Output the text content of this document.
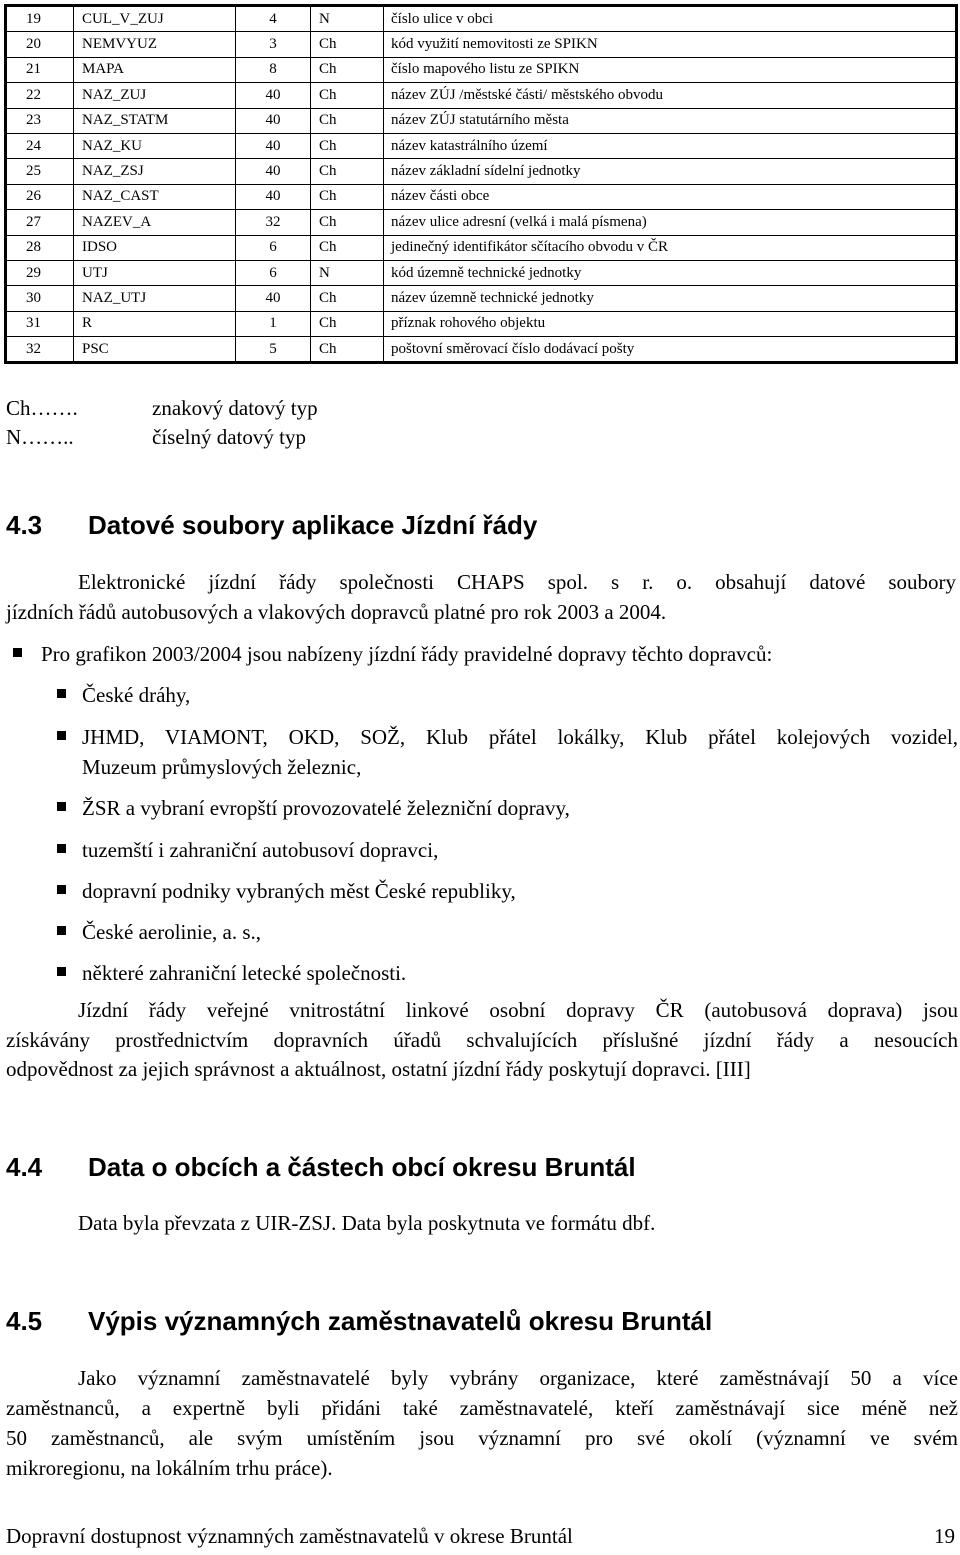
19	CUL_V_ZUJ	4	N	číslo ulice v obci
20	NEMVYUZ	3	Ch	kód využití nemovitosti ze SPIKN
21	MAPA	8	Ch	číslo mapového listu ze SPIKN
22	NAZ_ZUJ	40	Ch	název ZÚJ /městské části/ městského obvodu
23	NAZ_STATM	40	Ch	název ZÚJ statutárního města
24	NAZ_KU	40	Ch	název katastrálního území
25	NAZ_ZSJ	40	Ch	název základní sídelní jednotky
26	NAZ_CAST	40	Ch	název části obce
27	NAZEV_A	32	Ch	název ulice adresní (velká i malá písmena)
28	IDSO	6	Ch	jedinečný identifikátor sčítacího obvodu v ČR
29	UTJ	6	N	kód územně technické jednotky
30	NAZ_UTJ	40	Ch	název územně technické jednotky
31	R	1	Ch	příznak rohového objektu
32	PSC	5	Ch	poštovní směrovací číslo dodávací pošty
Ch…….	znakový datový typ
N……..	číselný datový typ
4.3 Datové soubory aplikace Jízdní řády
Elektronické jízdní řády společnosti CHAPS spol. s r. o. obsahují datové soubory
jízdních řádů autobusových a vlakových dopravců platné pro rok 2003 a 2004.
Pro grafikon 2003/2004 jsou nabízeny jízdní řády pravidelné dopravy těchto dopravců:
České dráhy,
JHMD, VIAMONT, OKD, SOŽ, Klub přátel lokálky, Klub přátel kolejových vozidel,
Muzeum průmyslových železnic,
ŽSR a vybraní evropští provozovatelé železniční dopravy,
tuzemští i zahraniční autobusoví dopravci,
dopravní podniky vybraných měst České republiky,
České aerolinie, a. s.,
některé zahraniční letecké společnosti.
Jízdní řády veřejné vnitrostátní linkové osobní dopravy ČR (autobusová doprava) jsou
získávány prostřednictvím dopravních úřadů schvalujících příslušné jízdní řády a nesoucích
odpovědnost za jejich správnost a aktuálnost, ostatní jízdní řády poskytují dopravci. [III]
4.4 Data o obcích a částech obcí okresu Bruntál
Data byla převzata z UIR-ZSJ. Data byla poskytnuta ve formátu dbf.
4.5 Výpis významných zaměstnavatelů okresu Bruntál
Jako významní zaměstnavatelé byly vybrány organizace, které zaměstnávají 50 a více
zaměstnanců, a expertně byli přidáni také zaměstnavatelé, kteří zaměstnávají sice méně než
50 zaměstnanců, ale svým umístěním jsou významní pro své okolí (významní ve svém
mikroregionu, na lokálním trhu práce).
Dopravní dostupnost významných zaměstnavatelů v okrese Bruntál	19
